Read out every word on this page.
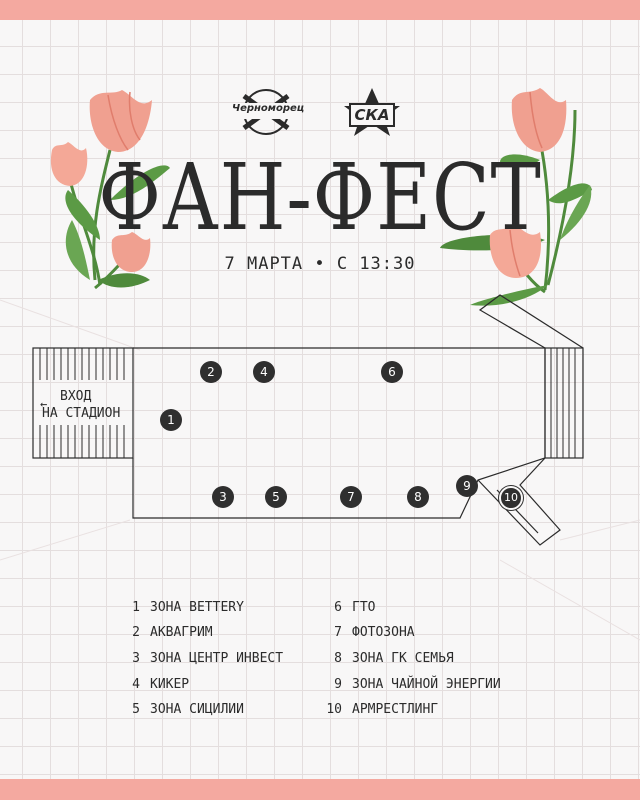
Черноморец	СКА
ФАН-ФЕСТ
7 МАРТА • С 13:30
← ВХОД
НА СТАДИОН	1
2
3
4
5
6
7	8
9
10
1 ЗОНА BETTERY
2 АКВАГРИМ
3 ЗОНА ЦЕНТР ИНВЕСТ
4 КИКЕР
5 ЗОНА СИЦИЛИИ
6 ГТО
7 ФОТОЗОНА
8 ЗОНА ГК СЕМЬЯ
9 ЗОНА ЧАЙНОЙ ЭНЕРГИИ
10 АРМРЕСТЛИНГ
